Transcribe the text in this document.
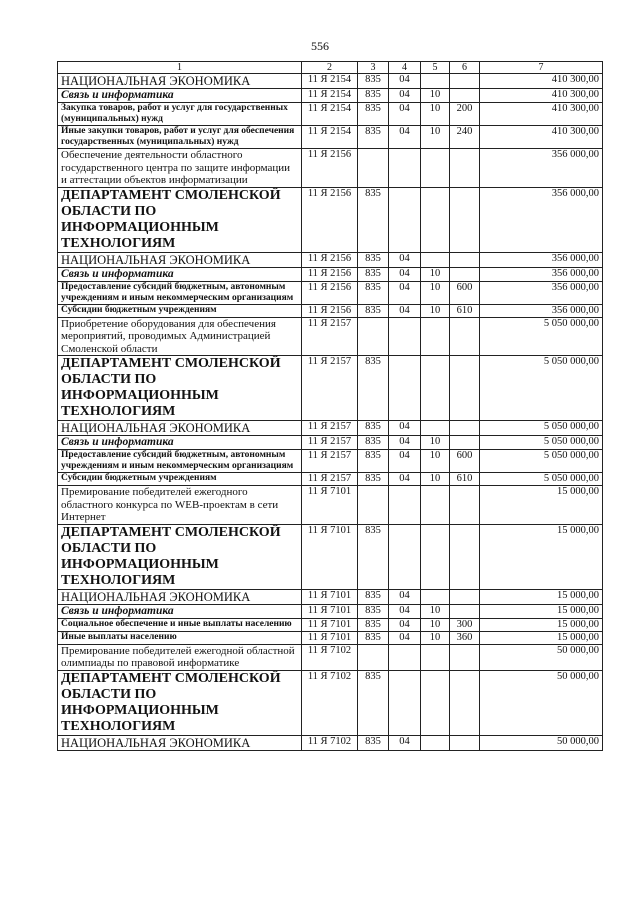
556
1	2	3	4	5	6	7
НАЦИОНАЛЬНАЯ ЭКОНОМИКА	11 Я 2154	835	04			410 300,00
Связь и информатика	11 Я 2154	835	04	10		410 300,00
Закупка товаров, работ и услуг для государственных (муниципальных) нужд	11 Я 2154	835	04	10	200	410 300,00
Иные закупки товаров, работ и услуг для обеспечения государственных (муниципальных) нужд	11 Я 2154	835	04	10	240	410 300,00
Обеспечение деятельности областного государственного центра по защите информации и аттестации объектов информатизации	11 Я 2156					356 000,00
ДЕПАРТАМЕНТ СМОЛЕНСКОЙ ОБЛАСТИ ПО ИНФОРМАЦИОННЫМ ТЕХНОЛОГИЯМ	11 Я 2156	835				356 000,00
НАЦИОНАЛЬНАЯ ЭКОНОМИКА	11 Я 2156	835	04			356 000,00
Связь и информатика	11 Я 2156	835	04	10		356 000,00
Предоставление субсидий бюджетным, автономным учреждениям и иным некоммерческим организациям	11 Я 2156	835	04	10	600	356 000,00
Субсидии бюджетным учреждениям	11 Я 2156	835	04	10	610	356 000,00
Приобретение оборудования для обеспечения мероприятий, проводимых Администрацией Смоленской области	11 Я 2157					5 050 000,00
ДЕПАРТАМЕНТ СМОЛЕНСКОЙ ОБЛАСТИ ПО ИНФОРМАЦИОННЫМ ТЕХНОЛОГИЯМ	11 Я 2157	835				5 050 000,00
НАЦИОНАЛЬНАЯ ЭКОНОМИКА	11 Я 2157	835	04			5 050 000,00
Связь и информатика	11 Я 2157	835	04	10		5 050 000,00
Предоставление субсидий бюджетным, автономным учреждениям и иным некоммерческим организациям	11 Я 2157	835	04	10	600	5 050 000,00
Субсидии бюджетным учреждениям	11 Я 2157	835	04	10	610	5 050 000,00
Премирование победителей ежегодного областного конкурса по WEB-проектам в сети Интернет	11 Я 7101					15 000,00
ДЕПАРТАМЕНТ СМОЛЕНСКОЙ ОБЛАСТИ ПО ИНФОРМАЦИОННЫМ ТЕХНОЛОГИЯМ	11 Я 7101	835				15 000,00
НАЦИОНАЛЬНАЯ ЭКОНОМИКА	11 Я 7101	835	04			15 000,00
Связь и информатика	11 Я 7101	835	04	10		15 000,00
Социальное обеспечение и иные выплаты населению	11 Я 7101	835	04	10	300	15 000,00
Иные выплаты населению	11 Я 7101	835	04	10	360	15 000,00
Премирование победителей ежегодной областной олимпиады по правовой информатике	11 Я 7102					50 000,00
ДЕПАРТАМЕНТ СМОЛЕНСКОЙ ОБЛАСТИ ПО ИНФОРМАЦИОННЫМ ТЕХНОЛОГИЯМ	11 Я 7102	835				50 000,00
НАЦИОНАЛЬНАЯ ЭКОНОМИКА	11 Я 7102	835	04			50 000,00
